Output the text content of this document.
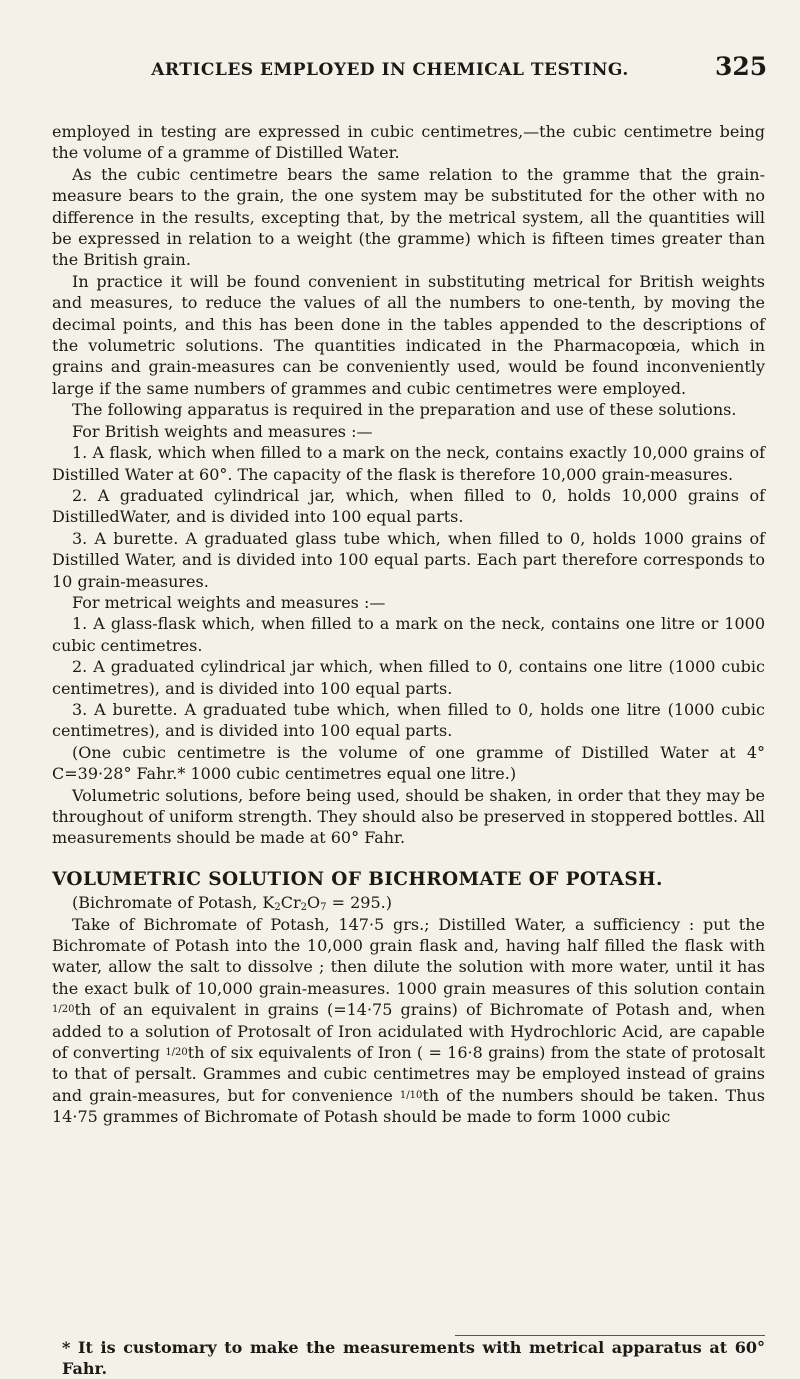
ARTICLES EMPLOYED IN CHEMICAL TESTING.	325

employed in testing are expressed in cubic centimetres,—the cubic centimetre being the volume of a gramme of Distilled Water.

As the cubic centimetre bears the same relation to the gramme that the grain-measure bears to the grain, the one system may be substituted for the other with no difference in the results, excepting that, by the metrical system, all the quantities will be expressed in relation to a weight (the gramme) which is fifteen times greater than the British grain.

In practice it will be found convenient in substituting metrical for British weights and measures, to reduce the values of all the numbers to one-tenth, by moving the decimal points, and this has been done in the tables appended to the descriptions of the volumetric solutions. The quantities indicated in the Pharmacopœia, which in grains and grain-measures can be conveniently used, would be found inconveniently large if the same numbers of grammes and cubic centimetres were employed.

The following apparatus is required in the preparation and use of these solutions.

For British weights and measures :—

1. A flask, which when filled to a mark on the neck, contains exactly 10,000 grains of Distilled Water at 60°. The capacity of the flask is therefore 10,000 grain-measures.

2. A graduated cylindrical jar, which, when filled to 0, holds 10,000 grains of DistilledWater, and is divided into 100 equal parts.

3. A burette. A graduated glass tube which, when filled to 0, holds 1000 grains of Distilled Water, and is divided into 100 equal parts. Each part therefore corresponds to 10 grain-measures.

For metrical weights and measures :—

1. A glass-flask which, when filled to a mark on the neck, contains one litre or 1000 cubic centimetres.

2. A graduated cylindrical jar which, when filled to 0, contains one litre (1000 cubic centimetres), and is divided into 100 equal parts.

3. A burette. A graduated tube which, when filled to 0, holds one litre (1000 cubic centimetres), and is divided into 100 equal parts.

(One cubic centimetre is the volume of one gramme of Distilled Water at 4° C=39·28° Fahr.* 1000 cubic centimetres equal one litre.)

Volumetric solutions, before being used, should be shaken, in order that they may be throughout of uniform strength. They should also be preserved in stoppered bottles. All measurements should be made at 60° Fahr.

VOLUMETRIC SOLUTION OF BICHROMATE OF POTASH.

(Bichromate of Potash, $K_2Cr_2O_7 = 295$.)

Take of Bichromate of Potash, 147·5 grs.; Distilled Water, a sufficiency : put the Bichromate of Potash into the 10,000 grain flask and, having half filled the flask with water, allow the salt to dissolve ; then dilute the solution with more water, until it has the exact bulk of 10,000 grain-measures. 1000 grain measures of this solution contain 1/20th of an equivalent in grains (=14·75 grains) of Bichromate of Potash and, when added to a solution of Protosalt of Iron acidulated with Hydrochloric Acid, are capable of converting 1/20th of six equivalents of Iron ( = 16·8 grains) from the state of protosalt to that of persalt. Grammes and cubic centimetres may be employed instead of grains and grain-measures, but for convenience 1/10th of the numbers should be taken. Thus 14·75 grammes of Bichromate of Potash should be made to form 1000 cubic

* It is customary to make the measurements with metrical apparatus at 60° Fahr.
